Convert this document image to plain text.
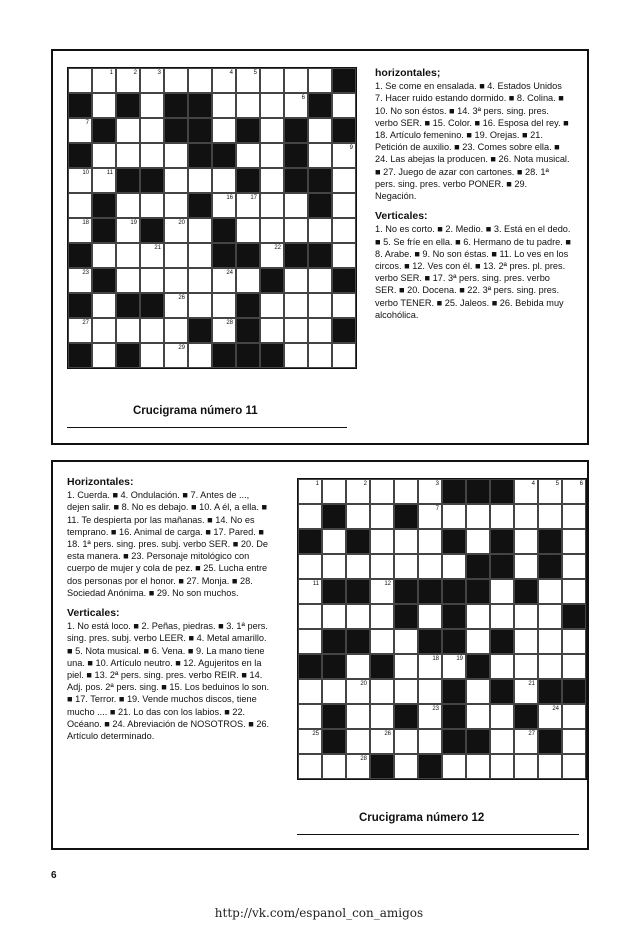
1	2	3	4	5
6
7
8	9
10	11	12	13	14
15	16	17
18	19	20
21	22
23	24	25
26
27	28
29
horizontales;
1. Se come en ensalada. ■ 4. Estados Unidos 7. Hacer ruido estando dormido. ■ 8. Colina. ■ 10. No son éstos. ■ 14. 3ª pers. sing. pres. verbo SER. ■ 15. Color. ■ 16. Esposa del rey. ■ 18. Artículo femenino. ■ 19. Orejas. ■ 21. Petición de auxilio. ■ 23. Comes sobre ella. ■ 24. Las abejas la producen. ■ 26. Nota musical. ■ 27. Juego de azar con cartones. ■ 28. 1ª pers. sing. pres. verbo PONER. ■ 29. Negación.
Verticales:
1. No es corto. ■ 2. Medio. ■ 3. Está en el dedo. ■ 5. Se fríe en ella. ■ 6. Hermano de tu padre. ■ 8. Arabe. ■ 9. No son éstas. ■ 11. Lo ves en los circos. ■ 12. Ves con él. ■ 13. 2ª pres. pl. pres. verbo SER. ■ 17. 3ª pers. sing. pres. verbo SER. ■ 20. Docena. ■ 22. 3ª pers. sing. pres. verbo TENER. ■ 25. Jaleos. ■ 26. Bebida muy alcohólica.
Crucigrama número 11
Horizontales:
1. Cuerda. ■ 4. Ondulación. ■ 7. Antes de ..., dejen salir. ■ 8. No es debajo. ■ 10. A él, a ella. ■ 11. Te despierta por las mañanas. ■ 14. No es temprano. ■ 16. Animal de carga. ■ 17. Pared. ■ 18. 1ª pers. sing. pres. subj. verbo SER. ■ 20. De esta manera. ■ 23. Personaje mitológico con cuerpo de mujer y cola de pez. ■ 25. Lucha entre dos personas por el honor. ■ 27. Monja. ■ 28. Sociedad Anónima. ■ 29. No son muchos.
Verticales:
1. No está loco. ■ 2. Peñas, piedras. ■ 3. 1ª pers. sing. pres. subj. verbo LEER. ■ 4. Metal amarillo. ■ 5. Nota musical. ■ 6. Vena. ■ 9. La mano tiene una. ■ 10. Artículo neutro. ■ 12. Agujeritos en la piel. ■ 13. 2ª pers. sing. pres. verbo REIR. ■ 14. Adj. pos. 2ª pers. sing. ■ 15. Los beduinos lo son. ■ 17. Terror. ■ 19. Vende muchos discos, tiene mucho .... ■ 21. Lo das con los labios. ■ 22. Océano. ■ 24. Abreviación de NOSOTROS. ■ 26. Artículo determinado.
1	2	3	4	5	6
7
8
9	10
11	12	13
14	15	16
17	18	19
20	21	22
23	24
25	26	27
28	29
Crucigrama número 12
6
http://vk.com/espanol_con_amigos
